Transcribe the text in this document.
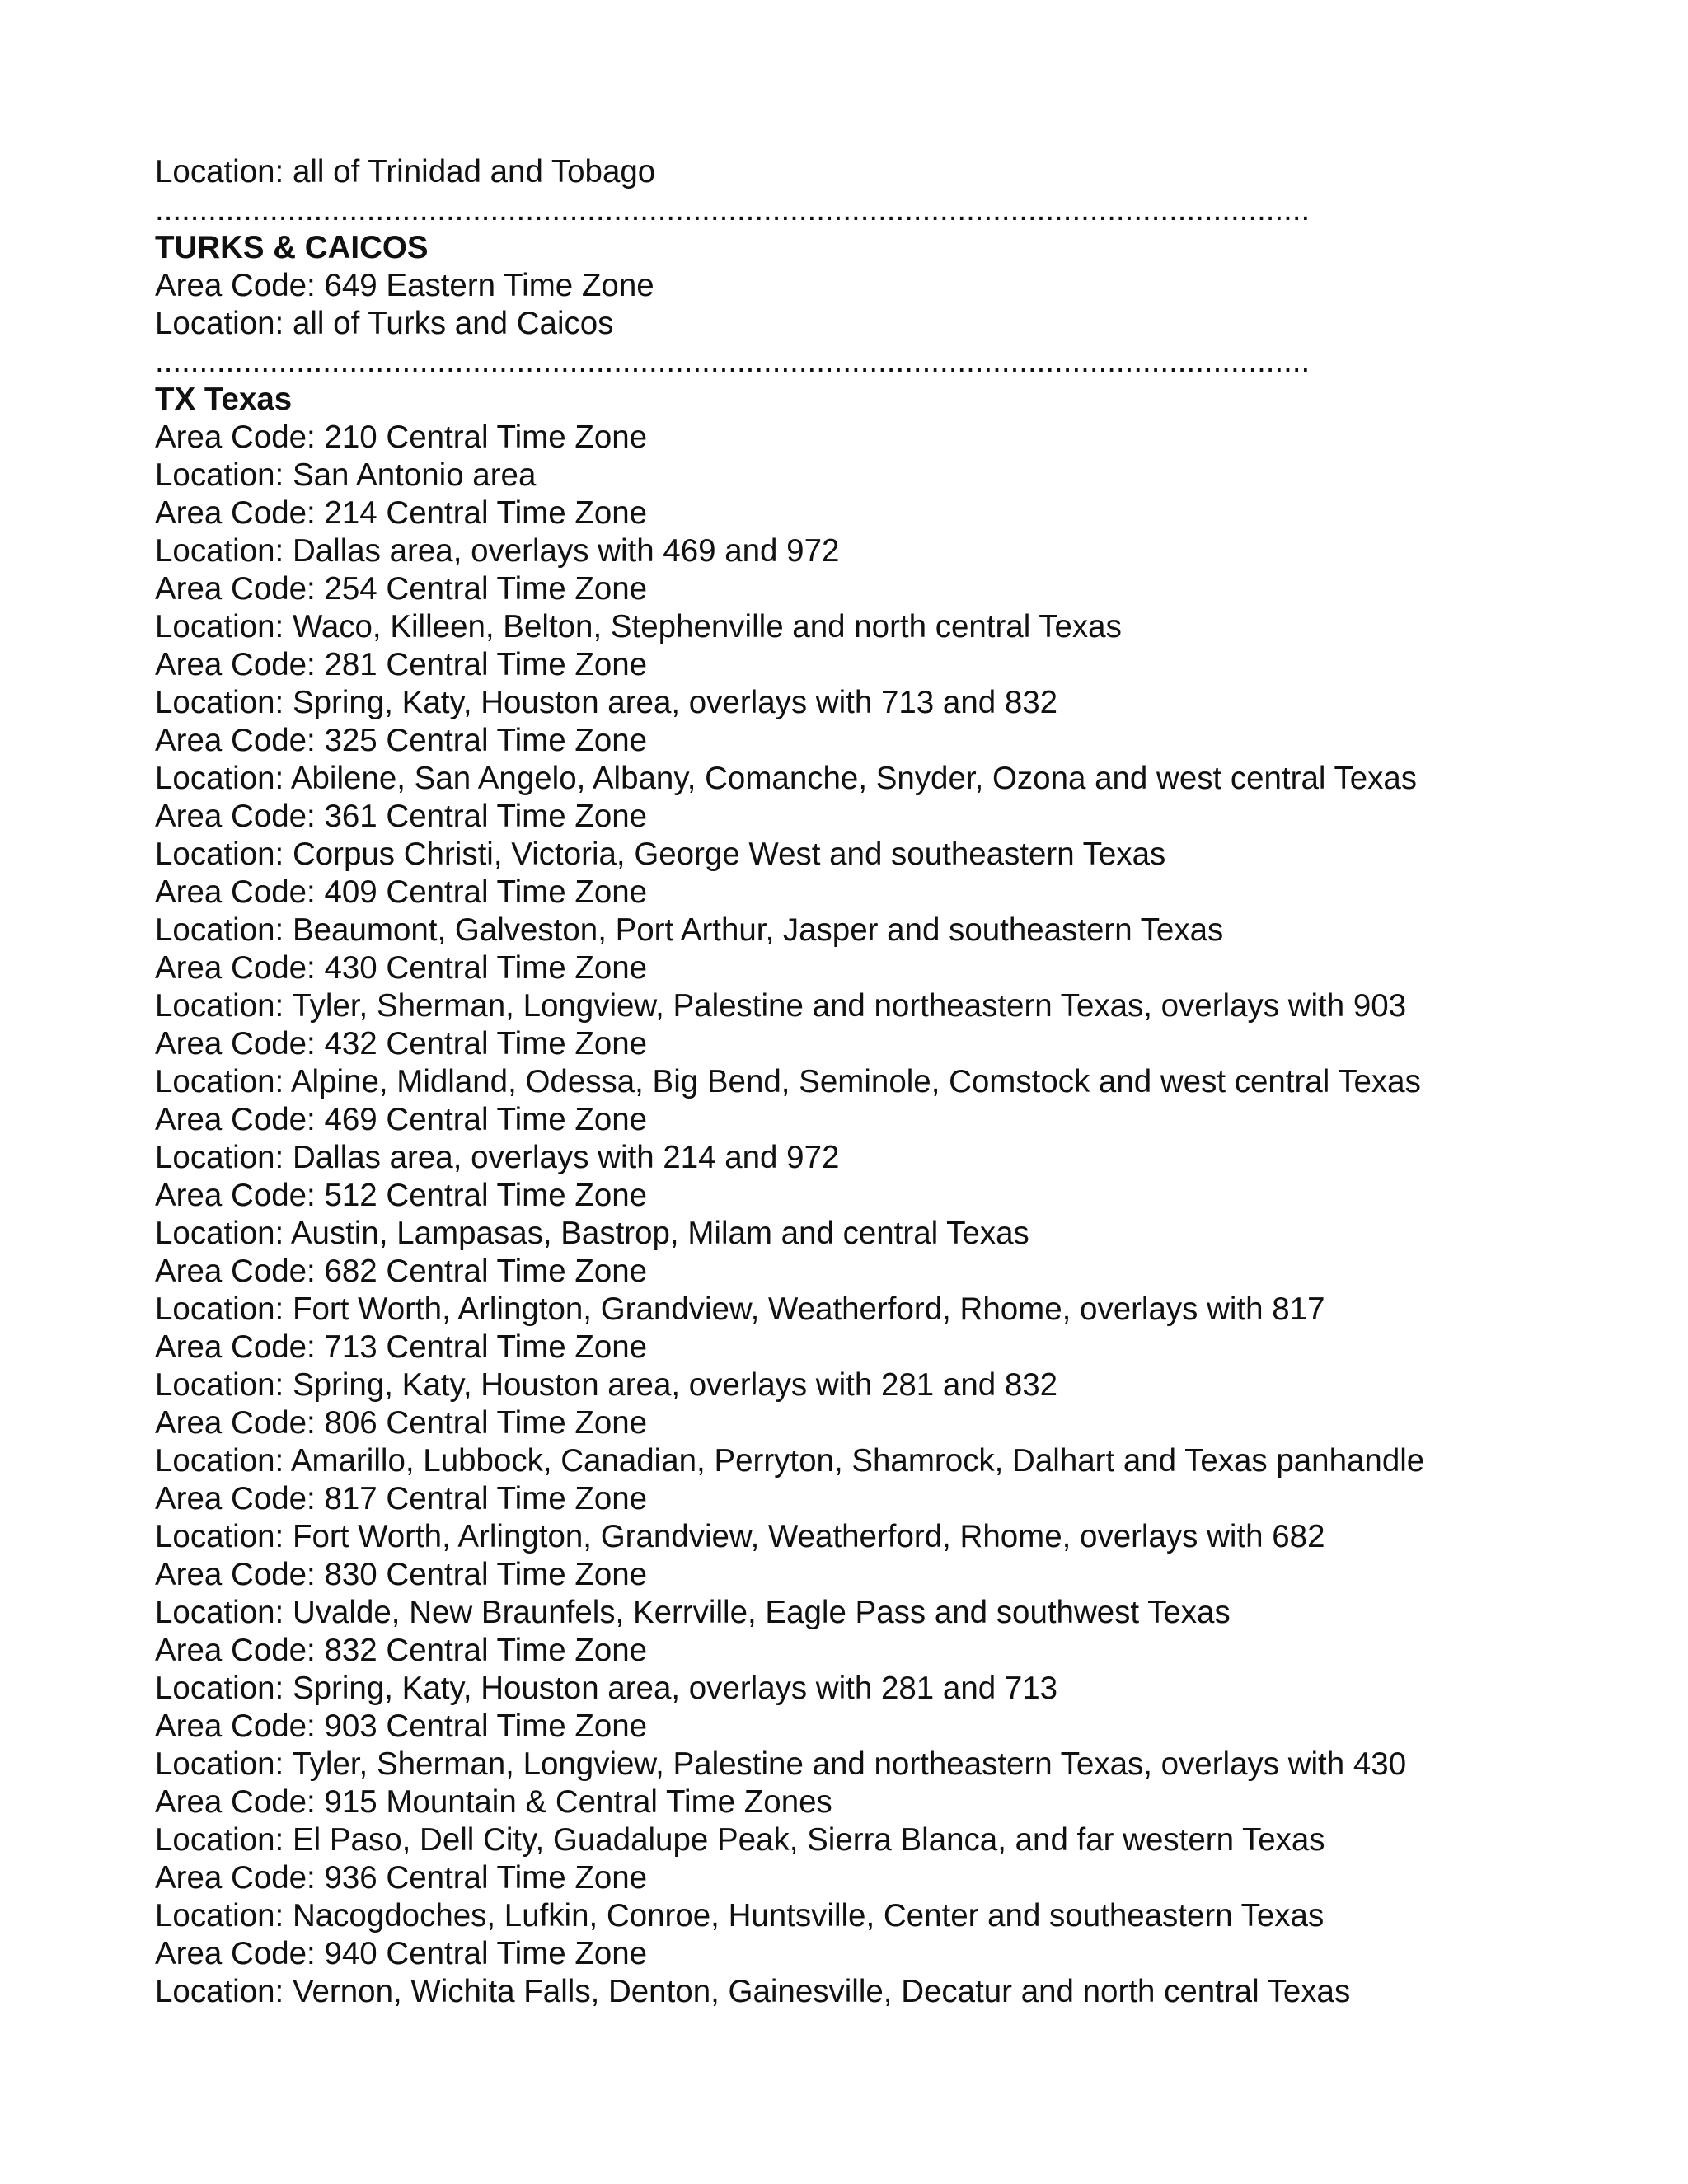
Location: all of Trinidad and Tobago
...................................................................................................................................
TURKS & CAICOS
Area Code: 649 Eastern Time Zone
Location: all of Turks and Caicos
...................................................................................................................................
TX Texas
Area Code: 210 Central Time Zone
Location: San Antonio area
Area Code: 214 Central Time Zone
Location: Dallas area, overlays with 469 and 972
Area Code: 254 Central Time Zone
Location: Waco, Killeen, Belton, Stephenville and north central Texas
Area Code: 281 Central Time Zone
Location: Spring, Katy, Houston area, overlays with 713 and 832
Area Code: 325 Central Time Zone
Location: Abilene, San Angelo, Albany, Comanche, Snyder, Ozona and west central Texas
Area Code: 361 Central Time Zone
Location: Corpus Christi, Victoria, George West and southeastern Texas
Area Code: 409 Central Time Zone
Location: Beaumont, Galveston, Port Arthur, Jasper and southeastern Texas
Area Code: 430 Central Time Zone
Location: Tyler, Sherman, Longview, Palestine and northeastern Texas, overlays with 903
Area Code: 432 Central Time Zone
Location: Alpine, Midland, Odessa, Big Bend, Seminole, Comstock and west central Texas
Area Code: 469 Central Time Zone
Location: Dallas area, overlays with 214 and 972
Area Code: 512 Central Time Zone
Location: Austin, Lampasas, Bastrop, Milam and central Texas
Area Code: 682 Central Time Zone
Location: Fort Worth, Arlington, Grandview, Weatherford, Rhome, overlays with 817
Area Code: 713 Central Time Zone
Location: Spring, Katy, Houston area, overlays with 281 and 832
Area Code: 806 Central Time Zone
Location: Amarillo, Lubbock, Canadian, Perryton, Shamrock, Dalhart and Texas panhandle
Area Code: 817 Central Time Zone
Location: Fort Worth, Arlington, Grandview, Weatherford, Rhome, overlays with 682
Area Code: 830 Central Time Zone
Location: Uvalde, New Braunfels, Kerrville, Eagle Pass and southwest Texas
Area Code: 832 Central Time Zone
Location: Spring, Katy, Houston area, overlays with 281 and 713
Area Code: 903 Central Time Zone
Location: Tyler, Sherman, Longview, Palestine and northeastern Texas, overlays with 430
Area Code: 915 Mountain & Central Time Zones
Location: El Paso, Dell City, Guadalupe Peak, Sierra Blanca, and far western Texas
Area Code: 936 Central Time Zone
Location: Nacogdoches, Lufkin, Conroe, Huntsville, Center and southeastern Texas
Area Code: 940 Central Time Zone
Location: Vernon, Wichita Falls, Denton, Gainesville, Decatur and north central Texas
